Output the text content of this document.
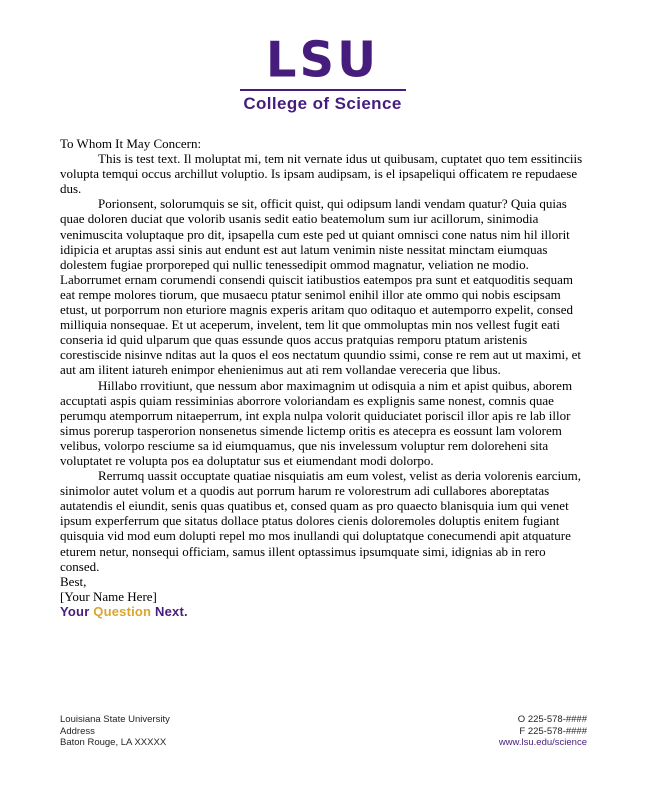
LSU
College of Science

To Whom It May Concern:

This is test text. Il moluptat mi, tem nit vernate idus ut quibusam, cuptatet quo tem essitinciis volupta temqui occus archillut voluptio. Is ipsam audipsam, is el ipsapeliqui officatem re repudaese dus.

Porionsent, solorumquis se sit, officit quist, qui odipsum landi vendam quatur? Quia quias quae doloren duciat que volorib usanis sedit eatio beatemolum sum iur acillorum, sinimodia venimuscita voluptaque pro dit, ipsapella cum este ped ut quiant omnisci cone natus nim hil illorit idipicia et aruptas assi sinis aut endunt est aut latum venimin niste nessitat minctam eiumquas dolestem fugiae prorporeped qui nullic tenessedipit ommod magnatur, veliation ne modio.

Laborrumet ernam corumendi consendi quiscit iatibustios eatempos pra sunt et eatquoditis sequam eat rempe molores tiorum, que musaecu ptatur senimol enihil illor ate ommo qui nobis escipsam etust, ut porporrum non eturiore magnis experis aritam quo oditaquo et autemporro expelit, consed milliquia nonsequae. Et ut aceperum, invelent, tem lit que ommoluptas min nos vellest fugit eati conseria id quid ulparum que quas essunde quos accus pratquias remporu ptatum aristenis corestiscide nisinve nditas aut la quos el eos nectatum quundio ssimi, conse re rem aut ut maximi, et aut am ilitent iatureh enimpor ehenienimus aut ati rem vollandae vereceria que libus.

Hillabo rrovitiunt, que nessum abor maximagnim ut odisquia a nim et apist quibus, aborem accuptati aspis quiam ressiminias aborrore voloriandam es explignis same nonest, comnis quae perumqu atemporrum nitaeperrum, int expla nulpa volorit quiduciatet poriscil illor apis re lab illor simus porerup tasperorion nonsenetus simende lictemp oritis es atecepra es eossunt lam volorem velibus, volorpo resciume sa id eiumquamus, que nis invelessum voluptur rem doloreheni sita voluptatet re volupta pos ea doluptatur sus et eiumendant modi dolorpo.

Rerrumq uassit occuptate quatiae nisquiatis am eum volest, velist as deria volorenis earcium, sinimolor autet volum et a quodis aut porrum harum re volorestrum adi cullabores aboreptatas autatendis el eiundit, senis quas quatibus et, consed quam as pro quaecto blanisquia ium qui venet ipsum experferrum que sitatus dollace ptatus dolores cienis doloremoles doluptis enitem fugiant quisquia vid mod eum dolupti repel mo mos inullandi qui doluptatque conecumendi apit atquature eturem netur, nonsequi officiam, samus illent optassimus ipsumquate simi, idignias ab in rero consed.

Best,

[Your Name Here]

Your Question Next.

Louisiana State University
Address
Baton Rouge, LA XXXXX
O 225-578-####
F 225-578-####
www.lsu.edu/science
